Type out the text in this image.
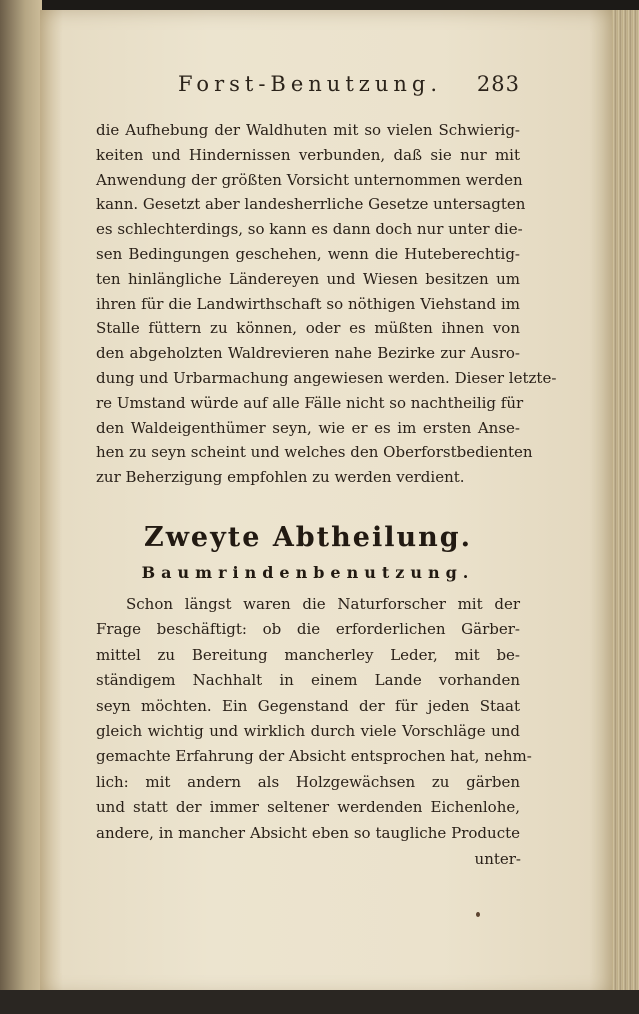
Forst-Benutzung. 283
die Aufhebung der Waldhuten mit so vielen Schwierig-
keiten und Hindernissen verbunden, daß sie nur mit
Anwendung der größten Vorsicht unternommen werden
kann. Gesetzt aber landesherrliche Gesetze untersagten
es schlechterdings, so kann es dann doch nur unter die-
sen Bedingungen geschehen, wenn die Huteberechtig-
ten hinlängliche Ländereyen und Wiesen besitzen um
ihren für die Landwirthschaft so nöthigen Viehstand im
Stalle füttern zu können, oder es müßten ihnen von
den abgeholzten Waldrevieren nahe Bezirke zur Ausro-
dung und Urbarmachung angewiesen werden. Dieser letzte-
re Umstand würde auf alle Fälle nicht so nachtheilig für
den Waldeigenthümer seyn, wie er es im ersten Anse-
hen zu seyn scheint und welches den Oberforstbedienten
zur Beherzigung empfohlen zu werden verdient.
Zweyte Abtheilung.
Baumrindenbenutzung.
Schon längst waren die Naturforscher mit der
Frage beschäftigt: ob die erforderlichen Gärber-
mittel zu Bereitung mancherley Leder, mit be-
ständigem Nachhalt in einem Lande vorhanden
seyn möchten. Ein Gegenstand der für jeden Staat
gleich wichtig und wirklich durch viele Vorschläge und
gemachte Erfahrung der Absicht entsprochen hat, nehm-
lich: mit andern als Holzgewächsen zu gärben
und statt der immer seltener werdenden Eichenlohe,
andere, in mancher Absicht eben so taugliche Producte
unter-
